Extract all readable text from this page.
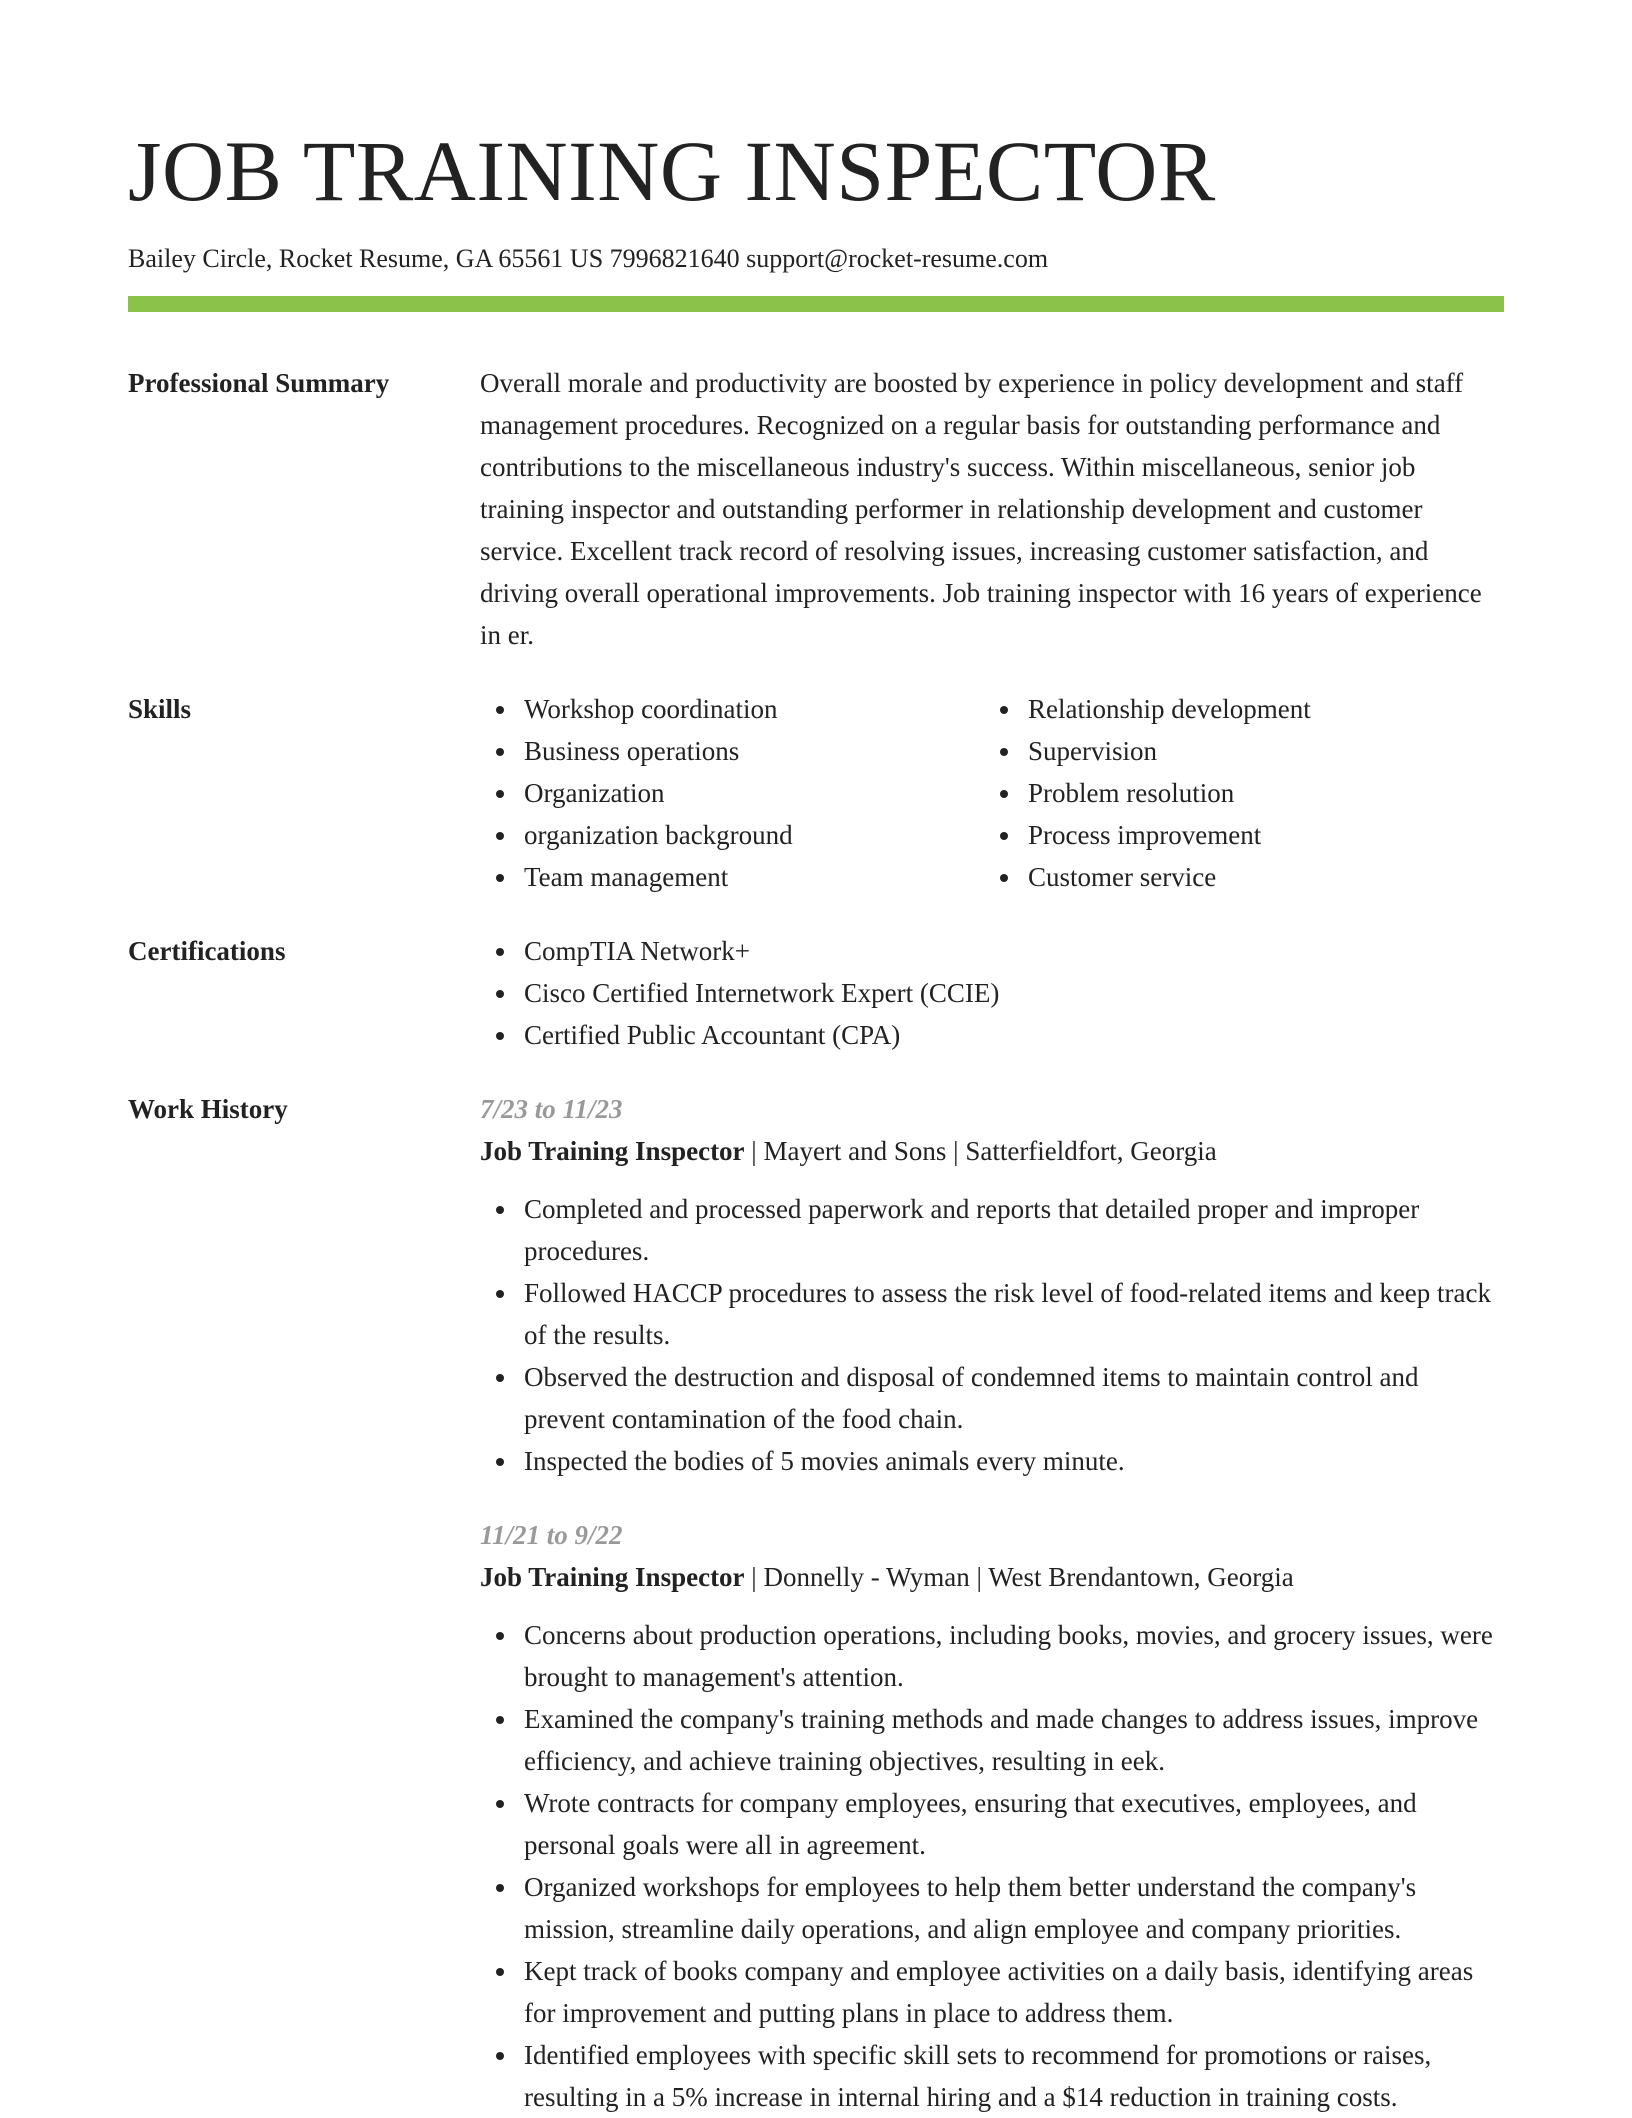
JOB TRAINING INSPECTOR
Bailey Circle, Rocket Resume, GA 65561 US 7996821640 support@rocket-resume.com
Professional Summary	Overall morale and productivity are boosted by experience in policy development and staff management procedures. Recognized on a regular basis for outstanding performance and contributions to the miscellaneous industry's success. Within miscellaneous, senior job training inspector and outstanding performer in relationship development and customer service. Excellent track record of resolving issues, increasing customer satisfaction, and driving overall operational improvements. Job training inspector with 16 years of experience in er.
Skills	Workshop coordination
Business operations
Organization
organization background
Team management
Relationship development
Supervision
Problem resolution
Process improvement
Customer service
Certifications	CompTIA Network+
Cisco Certified Internetwork Expert (CCIE)
Certified Public Accountant (CPA)
Work History	7/23 to 11/23
Job Training Inspector | Mayert and Sons | Satterfieldfort, Georgia
Completed and processed paperwork and reports that detailed proper and improper procedures.
Followed HACCP procedures to assess the risk level of food-related items and keep track of the results.
Observed the destruction and disposal of condemned items to maintain control and prevent contamination of the food chain.
Inspected the bodies of 5 movies animals every minute.
11/21 to 9/22
Job Training Inspector | Donnelly - Wyman | West Brendantown, Georgia
Concerns about production operations, including books, movies, and grocery issues, were brought to management's attention.
Examined the company's training methods and made changes to address issues, improve efficiency, and achieve training objectives, resulting in eek.
Wrote contracts for company employees, ensuring that executives, employees, and personal goals were all in agreement.
Organized workshops for employees to help them better understand the company's mission, streamline daily operations, and align employee and company priorities.
Kept track of books company and employee activities on a daily basis, identifying areas for improvement and putting plans in place to address them.
Identified employees with specific skill sets to recommend for promotions or raises, resulting in a 5% increase in internal hiring and a $14 reduction in training costs.
